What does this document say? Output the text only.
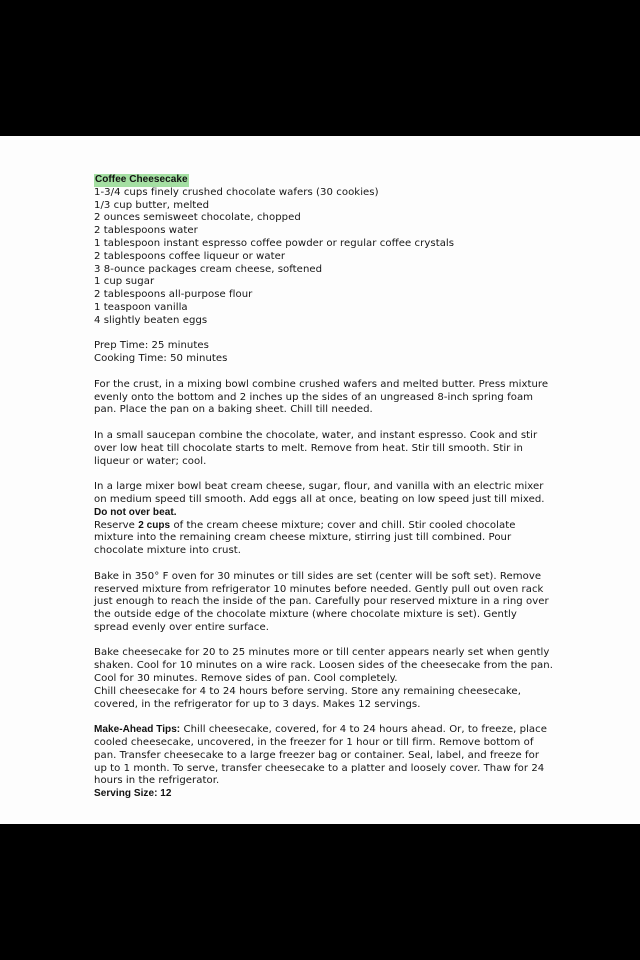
Coffee Cheesecake

1-3/4 cups finely crushed chocolate wafers (30 cookies)

1/3 cup butter, melted

2 ounces semisweet chocolate, chopped

2 tablespoons water

1 tablespoon instant espresso coffee powder or regular coffee crystals

2 tablespoons coffee liqueur or water

3 8-ounce packages cream cheese, softened

1 cup sugar

2 tablespoons all-purpose flour

1 teaspoon vanilla

4 slightly beaten eggs

Prep Time: 25 minutes

Cooking Time: 50 minutes

For the crust, in a mixing bowl combine crushed wafers and melted butter. Press mixture evenly onto the bottom and 2 inches up the sides of an ungreased 8-inch spring foam pan. Place the pan on a baking sheet. Chill till needed.

In a small saucepan combine the chocolate, water, and instant espresso. Cook and stir over low heat till chocolate starts to melt. Remove from heat. Stir till smooth. Stir in liqueur or water; cool.

In a large mixer bowl beat cream cheese, sugar, flour, and vanilla with an electric mixer on medium speed till smooth. Add eggs all at once, beating on low speed just till mixed. Do not over beat.

Reserve 2 cups of the cream cheese mixture; cover and chill. Stir cooled chocolate mixture into the remaining cream cheese mixture, stirring just till combined. Pour chocolate mixture into crust.

Bake in 350° F oven for 30 minutes or till sides are set (center will be soft set). Remove reserved mixture from refrigerator 10 minutes before needed. Gently pull out oven rack just enough to reach the inside of the pan. Carefully pour reserved mixture in a ring over the outside edge of the chocolate mixture (where chocolate mixture is set). Gently spread evenly over entire surface.

Bake cheesecake for 20 to 25 minutes more or till center appears nearly set when gently shaken. Cool for 10 minutes on a wire rack. Loosen sides of the cheesecake from the pan. Cool for 30 minutes. Remove sides of pan. Cool completely.

Chill cheesecake for 4 to 24 hours before serving. Store any remaining cheesecake, covered, in the refrigerator for up to 3 days. Makes 12 servings.

Make-Ahead Tips: Chill cheesecake, covered, for 4 to 24 hours ahead. Or, to freeze, place cooled cheesecake, uncovered, in the freezer for 1 hour or till firm. Remove bottom of pan. Transfer cheesecake to a large freezer bag or container. Seal, label, and freeze for up to 1 month. To serve, transfer cheesecake to a platter and loosely cover. Thaw for 24 hours in the refrigerator.

Serving Size: 12
